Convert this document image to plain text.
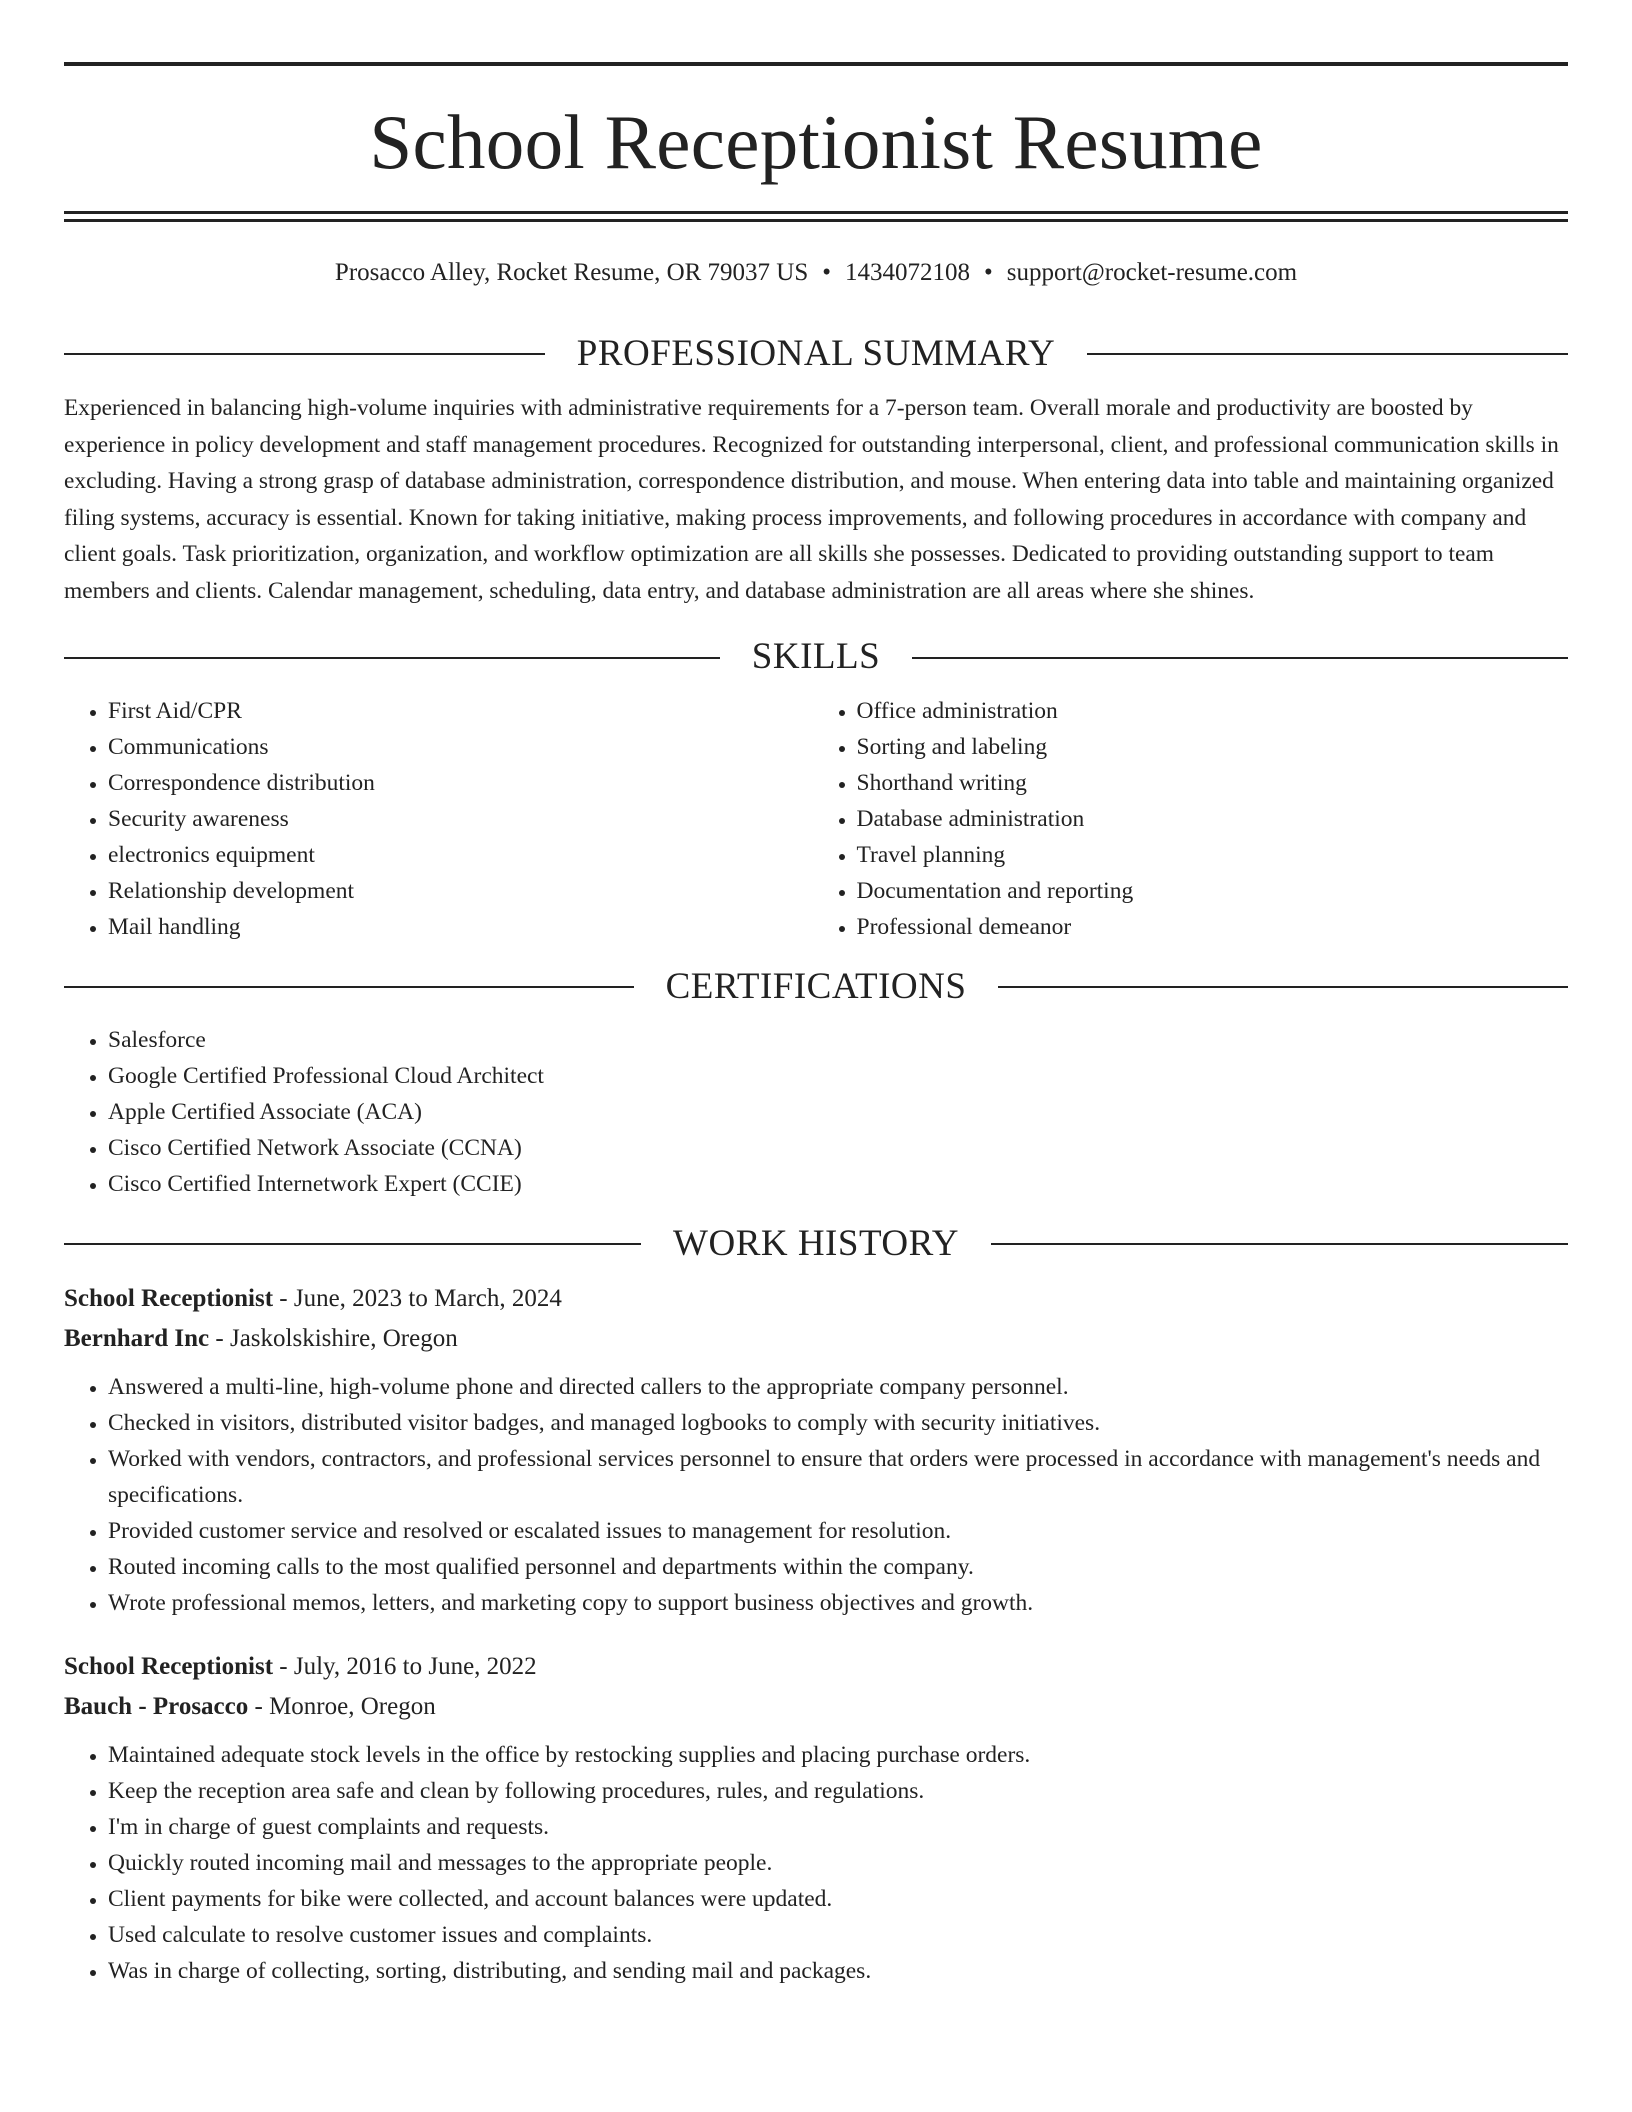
School Receptionist Resume
Prosacco Alley, Rocket Resume, OR 79037 US • 1434072108 • support@rocket-resume.com
PROFESSIONAL SUMMARY

Experienced in balancing high-volume inquiries with administrative requirements for a 7-person team. Overall morale and productivity are boosted by experience in policy development and staff management procedures. Recognized for outstanding interpersonal, client, and professional communication skills in excluding. Having a strong grasp of database administration, correspondence distribution, and mouse. When entering data into table and maintaining organized filing systems, accuracy is essential. Known for taking initiative, making process improvements, and following procedures in accordance with company and client goals. Task prioritization, organization, and workflow optimization are all skills she possesses. Dedicated to providing outstanding support to team members and clients. Calendar management, scheduling, data entry, and database administration are all areas where she shines.

SKILLS
• First Aid/CPR
• Communications
• Correspondence distribution
• Security awareness
• electronics equipment
• Relationship development
• Mail handling
• Office administration
• Sorting and labeling
• Shorthand writing
• Database administration
• Travel planning
• Documentation and reporting
• Professional demeanor
CERTIFICATIONS
• Salesforce
• Google Certified Professional Cloud Architect
• Apple Certified Associate (ACA)
• Cisco Certified Network Associate (CCNA)
• Cisco Certified Internetwork Expert (CCIE)
WORK HISTORY

School Receptionist - June, 2023 to March, 2024

Bernhard Inc - Jaskolskishire, Oregon

• Answered a multi-line, high-volume phone and directed callers to the appropriate company personnel.
• Checked in visitors, distributed visitor badges, and managed logbooks to comply with security initiatives.
• Worked with vendors, contractors, and professional services personnel to ensure that orders were processed in accordance with management's needs and specifications.
• Provided customer service and resolved or escalated issues to management for resolution.
• Routed incoming calls to the most qualified personnel and departments within the company.
• Wrote professional memos, letters, and marketing copy to support business objectives and growth.

School Receptionist - July, 2016 to June, 2022

Bauch - Prosacco - Monroe, Oregon

• Maintained adequate stock levels in the office by restocking supplies and placing purchase orders.
• Keep the reception area safe and clean by following procedures, rules, and regulations.
• I'm in charge of guest complaints and requests.
• Quickly routed incoming mail and messages to the appropriate people.
• Client payments for bike were collected, and account balances were updated.
• Used calculate to resolve customer issues and complaints.
• Was in charge of collecting, sorting, distributing, and sending mail and packages.
